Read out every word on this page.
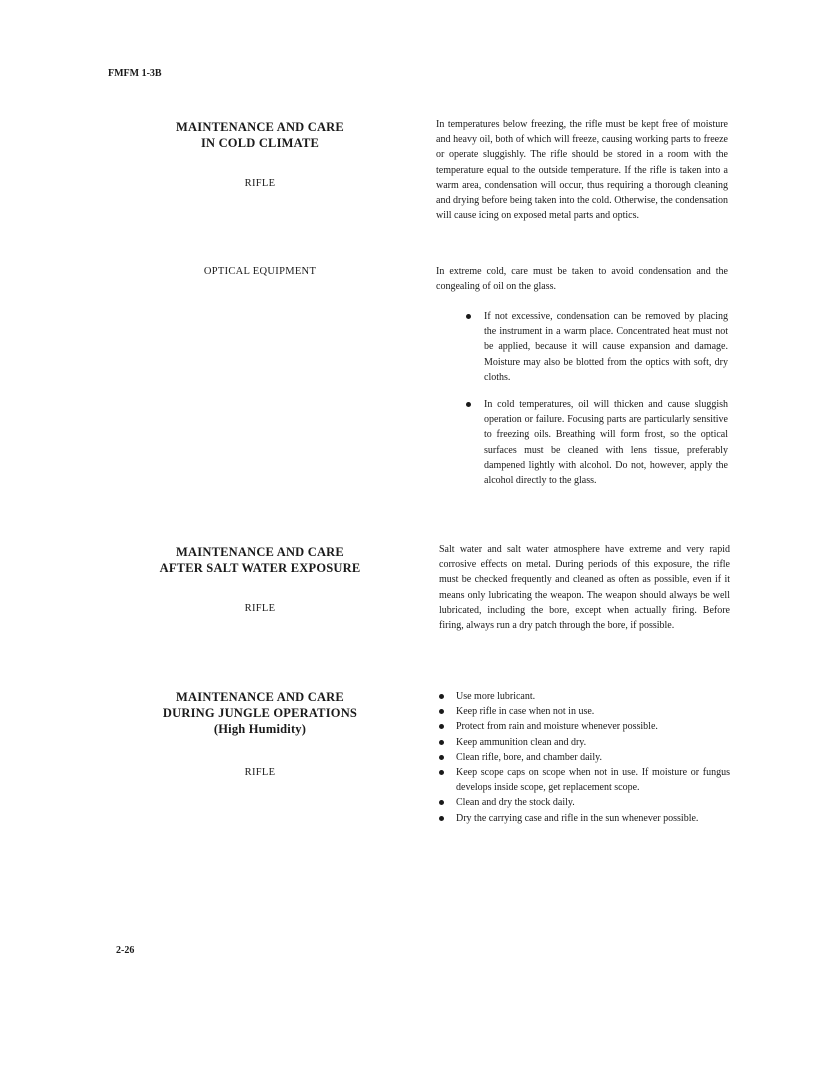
FMFM 1-3B
MAINTENANCE AND CARE
IN COLD CLIMATE
RIFLE
In temperatures below freezing, the rifle must be kept free of moisture and heavy oil, both of which will freeze, causing working parts to freeze or operate sluggishly. The rifle should be stored in a room with the temperature equal to the outside temperature. If the rifle is taken into a warm area, condensation will occur, thus requiring a thorough cleaning and drying before being taken into the cold. Otherwise, the condensation will cause icing on exposed metal parts and optics.
OPTICAL EQUIPMENT	In extreme cold, care must be taken to avoid condensation and the congealing of oil on the glass.
If not excessive, condensation can be removed by placing the instrument in a warm place. Concentrated heat must not be applied, because it will cause expansion and damage. Moisture may also be blotted from the optics with soft, dry cloths.
In cold temperatures, oil will thicken and cause sluggish operation or failure. Focusing parts are particularly sensitive to freezing oils. Breathing will form frost, so the optical surfaces must be cleaned with lens tissue, preferably dampened lightly with alcohol. Do not, however, apply the alcohol directly to the glass.
MAINTENANCE AND CARE
AFTER SALT WATER EXPOSURE
RIFLE
Salt water and salt water atmosphere have extreme and very rapid corrosive effects on metal. During periods of this exposure, the rifle must be checked frequently and cleaned as often as possible, even if it means only lubricating the weapon. The weapon should always be well lubricated, including the bore, except when actually firing. Before firing, always run a dry patch through the bore, if possible.
MAINTENANCE AND CARE
DURING JUNGLE OPERATIONS
(High Humidity)
RIFLE
Use more lubricant.
Keep rifle in case when not in use.
Protect from rain and moisture whenever possible.
Keep ammunition clean and dry.
Clean rifle, bore, and chamber daily.
Keep scope caps on scope when not in use. If moisture or fungus develops inside scope, get replacement scope.
Clean and dry the stock daily.
Dry the carrying case and rifle in the sun whenever possible.
2-26
